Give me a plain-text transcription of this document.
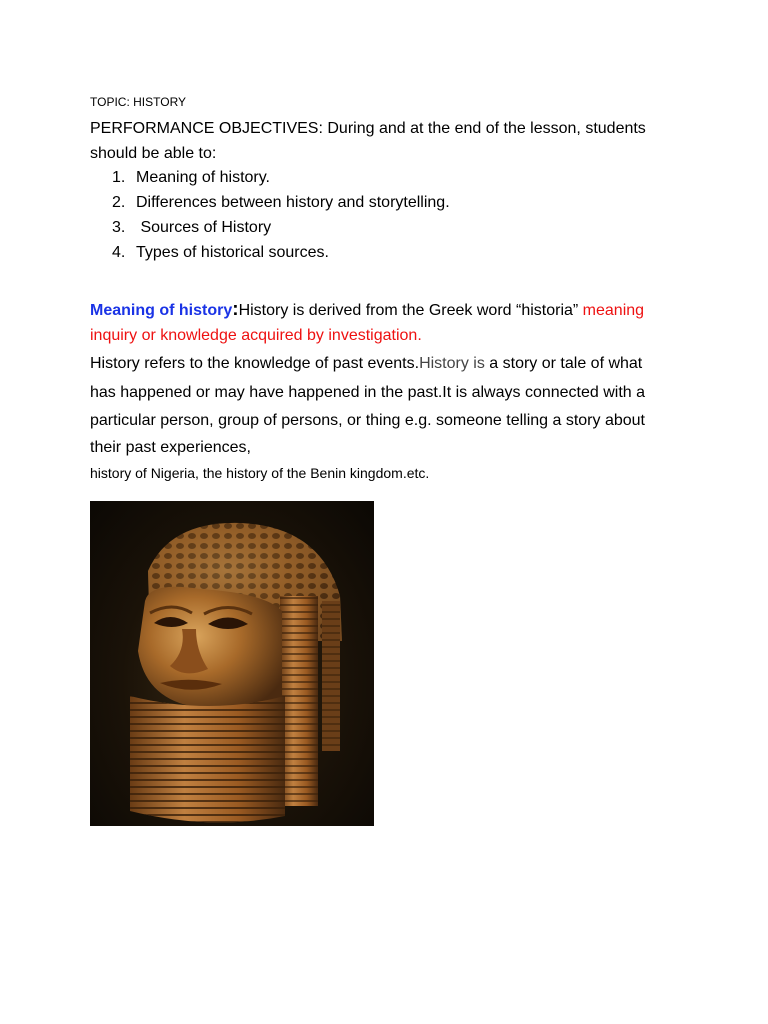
TOPIC: HISTORY
PERFORMANCE OBJECTIVES: During and at the end of the lesson, students should be able to:
1. Meaning of history.
2. Differences between history and storytelling.
3. Sources of History
4. Types of historical sources.
Meaning of history:History is derived from the Greek word “historia” meaning
inquiry or knowledge acquired by investigation.
History refers to the knowledge of past events.History is a story or tale of what
has happened or may have happened in the past.It is always connected with a
particular person, group of persons, or thing e.g. someone telling a story about
their past experiences,
history of Nigeria, the history of the Benin kingdom.etc.
